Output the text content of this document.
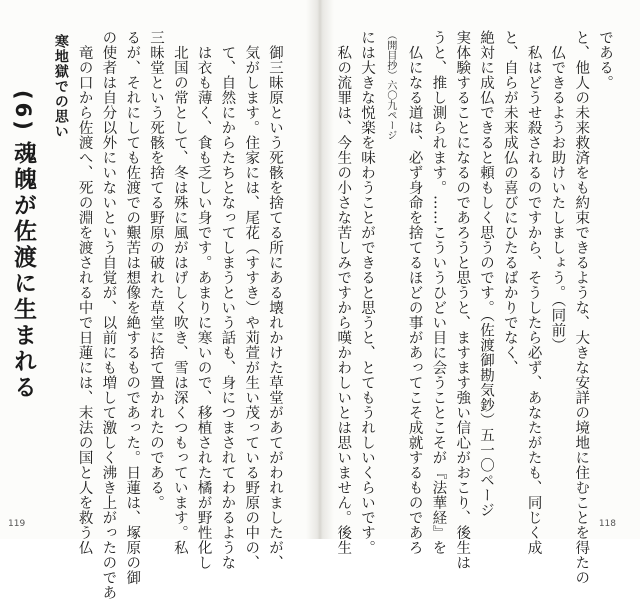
御三昧原という死骸を捨てる所にある壊れかけた草堂があてがわれましたが、
気がします。住家には、尾花（すすき）や苅萱が生い茂っている野原の中の、
て、自然にからたちとなってしまうという話も、身につまされてわかるような
は衣も薄く、食も乏しい身です。あまりに寒いので、移植された橘が野性化し
北国の常として、冬は殊に風がはげしく吹き、雪は深くつもっています。私
三昧堂という死骸を捨てる野原の破れた草堂に捨て置かれたのである。
るが、それにしても佐渡での艱苦は想像を絶するものであった。日蓮は、塚原の御
の使者は自分以外にいないという自覚が、以前にも増して激しく沸き上がったのであ
竜の口から佐渡へ、死の淵を渡される中で日蓮には、末法の国と人を救う仏
寒地獄での思い
(6)魂魄が佐渡に生まれる
119
である。
と、他人の未来救済をも約束できるような、大きな安詳の境地に住むことを得たの
仏できるようお助けいたしましょう。（同前）
私はどうせ殺されるのですから、そうしたら必ず、あなたがたも、同じく成
と、自らが未来成仏の喜びにひたるばかりでなく、
絶対に成仏できると頼もしく思うのです。（佐渡御勘気鈔）五一〇ページ
実体験することになるのであろうと思うと、ますます強い信心がおこり、後生は
うと、推し測られます。……こういうひどい目に会うことこそが『法華経』を
仏になる道は、必ず身命を捨てるほどの事があってこそ成就するものであろ
（開目抄）六〇九ページ
には大きな悦楽を味わうことができると思うと、とてもうれしいくらいです。
私の流罪は、今生の小さな苦しみですから嘆かわしいとは思いません。後生	118
